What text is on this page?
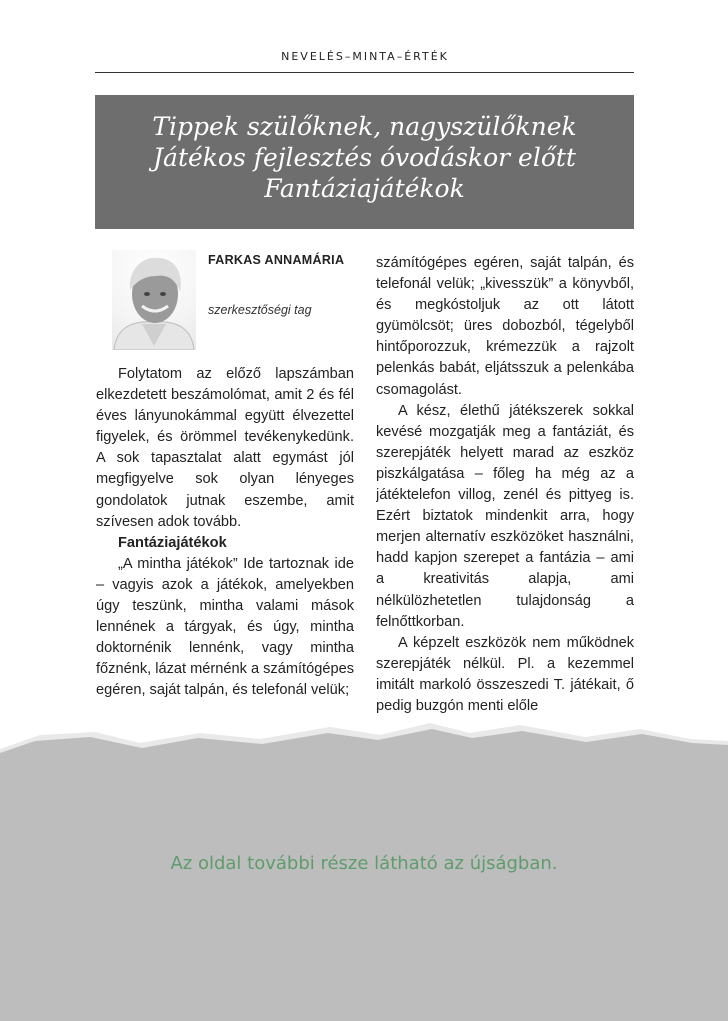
NEVELÉS–MINTA–ÉRTÉK
Tippek szülőknek, nagyszülőknek
Játékos fejlesztés óvodáskor előtt
Fantáziajátékok
FARKAS ANNAMÁRIA
szerkesztőségi tag

Folytatom az előző lapszámban elkezdetett beszámolómat, amit 2 és fél éves lányunokámmal együtt élvezettel figyelek, és örömmel tevékenykedünk. A sok tapasztalat alatt egymást jól megfigyelve sok olyan lényeges gondolatok jutnak eszembe, amit szívesen adok tovább.

Fantáziajátékok

„A mintha játékok” Ide tartoznak ide – vagyis azok a játékok, amelyekben úgy teszünk, mintha valami mások lennének a tárgyak, és úgy, mintha doktornénik lennénk, vagy mintha főznénk, lázat mérnénk a számítógépes egéren, saját talpán, és telefonál velük;

számítógépes egéren, saját talpán, és telefonál velük; „kivesszük” a könyvből, és megkóstoljuk az ott látott gyümölcsöt; üres dobozból, tégelyből hintőporozzuk, krémezzük a rajzolt pelenkás babát, eljátsszuk a pelenkába csomagolást.

A kész, élethű játékszerek sokkal kevésé mozgatják meg a fantáziát, és szerepjáték helyett marad az eszköz piszkálgatása – főleg ha még az a játéktelefon villog, zenél és pittyeg is. Ezért biztatok mindenkit arra, hogy merjen alternatív eszközöket használni, hadd kapjon szerepet a fantázia – ami a kreativitás alapja, ami nélkülözhetetlen tulajdonság a felnőttkorban.

A képzelt eszközök nem működnek szerepjáték nélkül. Pl. a kezemmel imitált markoló összeszedi T. játékait, ő pedig buzgón menti előle

Az oldal további része látható az újságban.
